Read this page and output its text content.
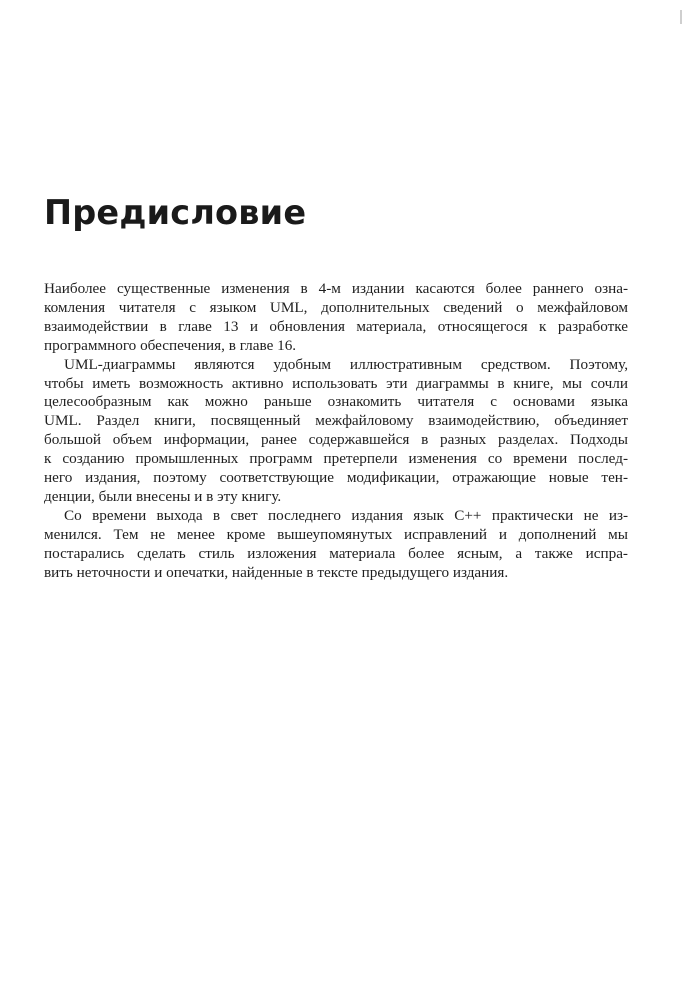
Предисловие

Наиболее существенные изменения в 4-м издании касаются более раннего озна-
комления читателя с языком UML, дополнительных сведений о межфайловом
взаимодействии в главе 13 и обновления материала, относящегося к разработке
программного обеспечения, в главе 16.

UML-диаграммы являются удобным иллюстративным средством. Поэтому,
чтобы иметь возможность активно использовать эти диаграммы в книге, мы сочли
целесообразным как можно раньше ознакомить читателя с основами языка
UML. Раздел книги, посвященный межфайловому взаимодействию, объединяет
большой объем информации, ранее содержавшейся в разных разделах. Подходы
к созданию промышленных программ претерпели изменения со времени послед-
него издания, поэтому соответствующие модификации, отражающие новые тен-
денции, были внесены и в эту книгу.

Со времени выхода в свет последнего издания язык С++ практически не из-
менился. Тем не менее кроме вышеупомянутых исправлений и дополнений мы
постарались сделать стиль изложения материала более ясным, а также испра-
вить неточности и опечатки, найденные в тексте предыдущего издания.
